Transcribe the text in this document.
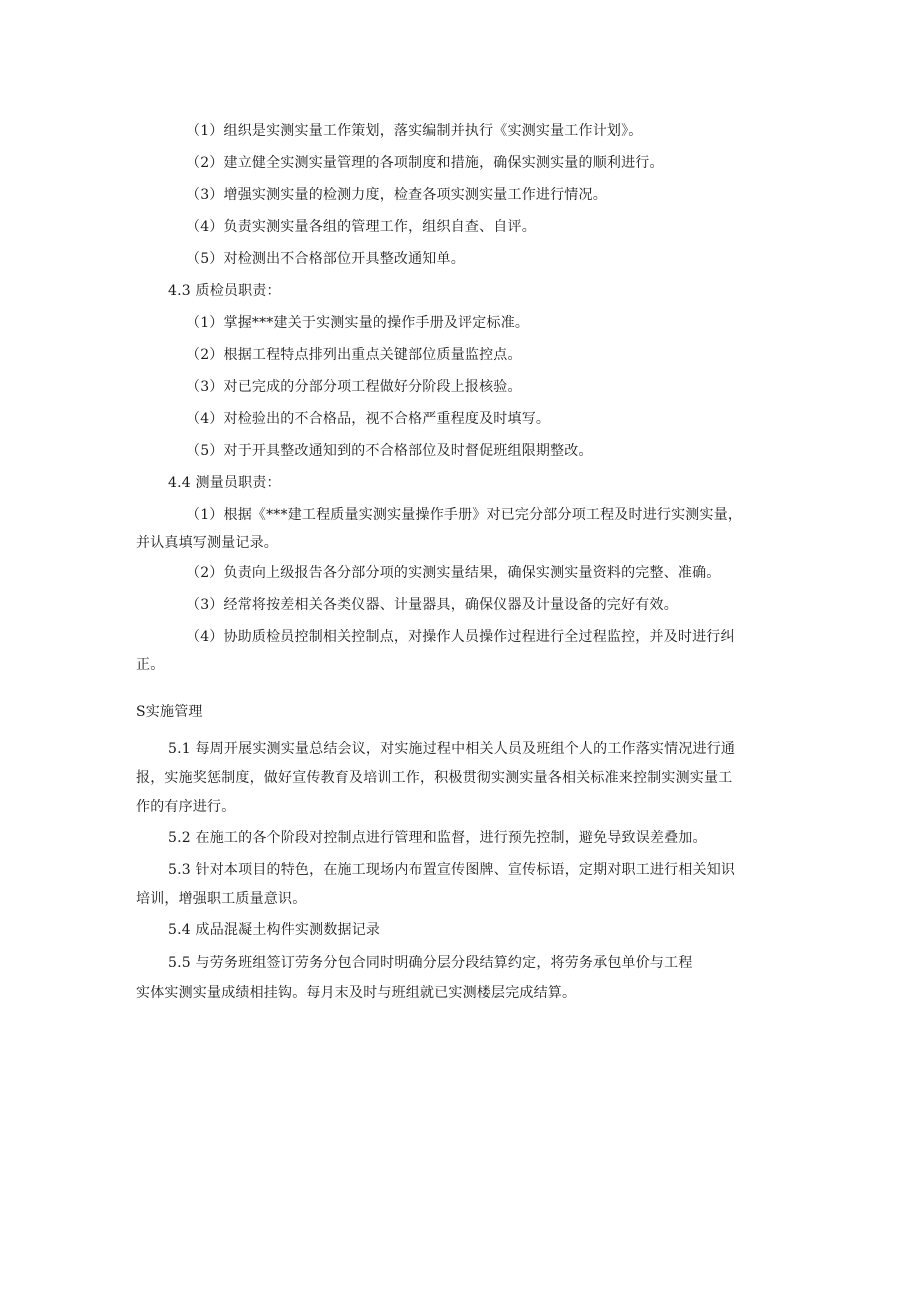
（1）组织是实测实量工作策划，落实编制并执行《实测实量工作计划》。
（2）建立健全实测实量管理的各项制度和措施，确保实测实量的顺利进行。
（3）增强实测实量的检测力度，检查各项实测实量工作进行情况。
（4）负责实测实量各组的管理工作，组织自查、自评。
（5）对检测出不合格部位开具整改通知单。
4.3 质检员职责：
（1）掌握***建关于实测实量的操作手册及评定标准。
（2）根据工程特点排列出重点关键部位质量监控点。
（3）对已完成的分部分项工程做好分阶段上报核验。
（4）对检验出的不合格品，视不合格严重程度及时填写。
（5）对于开具整改通知到的不合格部位及时督促班组限期整改。
4.4 测量员职责：
（1）根据《***建工程质量实测实量操作手册》对已完分部分项工程及时进行实测实量，
并认真填写测量记录。
（2）负责向上级报告各分部分项的实测实量结果，确保实测实量资料的完整、准确。
（3）经常将按差相关各类仪器、计量器具，确保仪器及计量设备的完好有效。
（4）协助质检员控制相关控制点，对操作人员操作过程进行全过程监控，并及时进行纠
正。
S实施管理
5.1 每周开展实测实量总结会议，对实施过程中相关人员及班组个人的工作落实情况进行通
报，实施奖惩制度，做好宣传教育及培训工作，积极贯彻实测实量各相关标准来控制实测实量工
作的有序进行。
5.2 在施工的各个阶段对控制点进行管理和监督，进行预先控制，避免导致误差叠加。
5.3 针对本项目的特色，在施工现场内布置宣传图牌、宣传标语，定期对职工进行相关知识
培训，增强职工质量意识。
5.4 成品混凝土构件实测数据记录
5.5 与劳务班组签订劳务分包合同时明确分层分段结算约定，将劳务承包单价与工程
实体实测实量成绩相挂钩。每月末及时与班组就已实测楼层完成结算。
